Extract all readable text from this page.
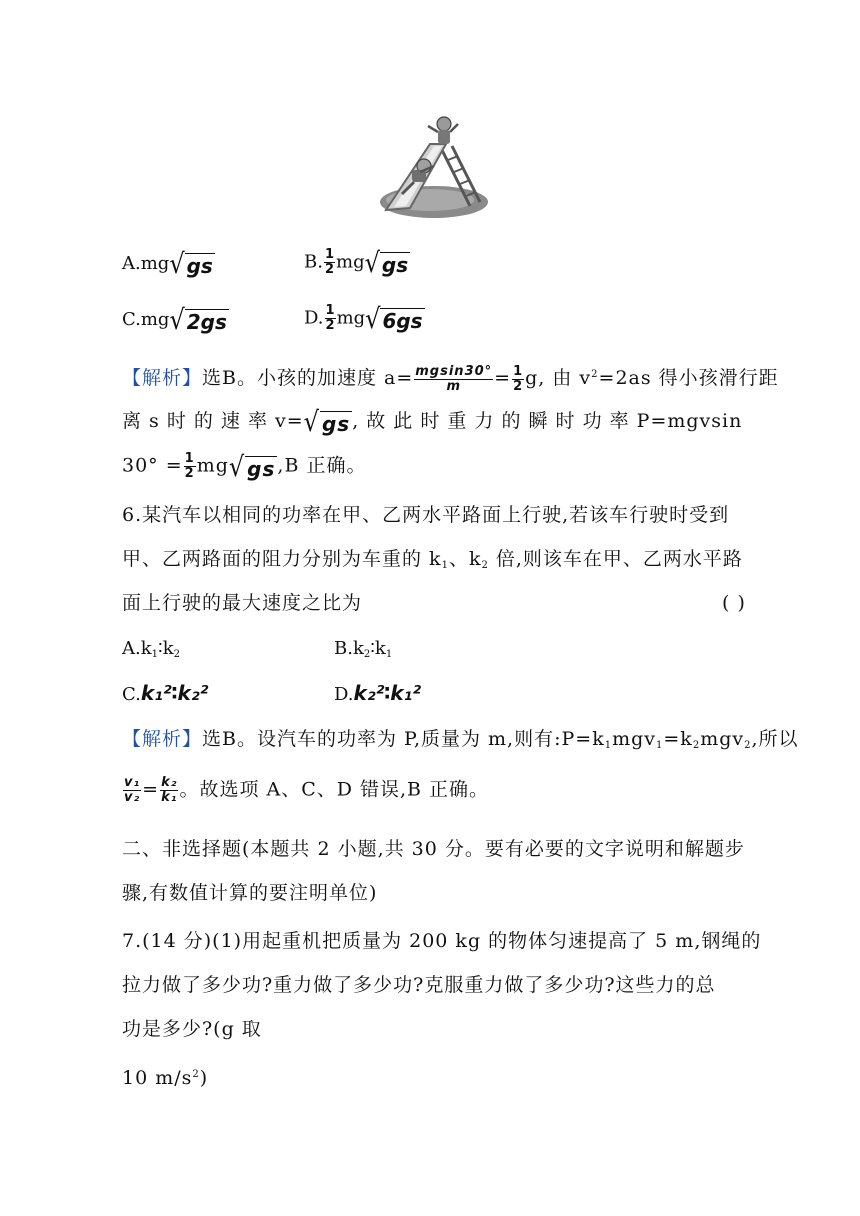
A.mg √ gs	B. $\frac{1}{2}$ mg √ gs
C.mg √ 2gs	D. $\frac{1}{2}$ mg √ 6gs
【解析】选B。小孩的加速度 $a= \frac{mgsin30^\circ}{m} = \frac{1}{2} g$, 由 $v^2=2as$ 得小孩滑行距
离 s 时 的 速 率 v= √ gs , 故 此 时 重 力 的 瞬 时 功 率 P=mgvsin
$30^\circ = \frac{1}{2}$ mg √ gs ,B 正确。
6.某汽车以相同的功率在甲、乙两水平路面上行驶,若该车行驶时受到
甲、乙两路面的阻力分别为车重的 $k_1$、$k_2$ 倍,则该车在甲、乙两水平路
面上行驶的最大速度之比为	( )
$A.k_1∶k_2$	$B.k_2∶k_1$
C.k₁²∶k₂²	D.k₂²∶k₁²
【解析】选B。设汽车的功率为 P,质量为 m,则有$:P=k_1mgv_1=k_2mgv_2$,所以
$\frac{\text{v₁}}{\text{v₂}} = \frac{\text{k₂}}{\text{k₁}}$ 。故选项 A、C、D 错误,B 正确。
二、非选择题(本题共 2 小题,共 30 分。要有必要的文字说明和解题步
骤,有数值计算的要注明单位)
7.(14 分)(1)用起重机把质量为 200 kg 的物体匀速提高了 5 m,钢绳的
拉力做了多少功?重力做了多少功?克服重力做了多少功?这些力的总
功是多少?(g 取
10 $m/s^2$)
